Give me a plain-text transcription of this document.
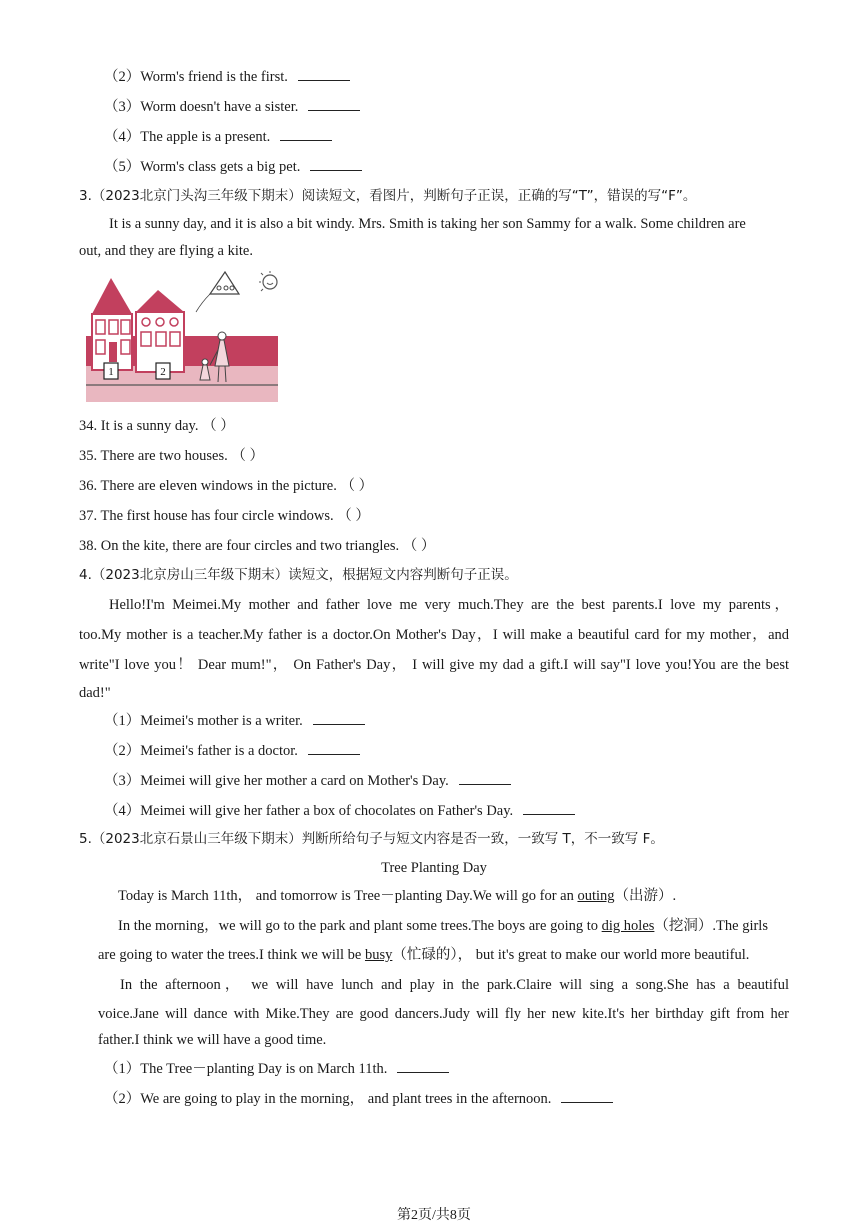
（2）Worm's friend is the first.
（3）Worm doesn't have a sister.
（4）The apple is a present.
（5）Worm's class gets a big pet.
3.（2023北京门头沟三年级下期末）阅读短文，看图片，判断句子正误，正确的写“T”，错误的写“F”。

It is a sunny day, and it is also a bit windy. Mrs. Smith is taking her son Sammy for a walk. Some children are

out, and they are flying a kite.
1	2
34. It is a sunny day. （ ）
35. There are two houses. （ ）
36. There are eleven windows in the picture. （ ）
37. The first house has four circle windows. （ ）
38. On the kite, there are four circles and two triangles. （ ）
4.（2023北京房山三年级下期末）读短文，根据短文内容判断句子正误。
Hello!I'm Meimei.My mother and father love me very much.They are the best parents.I love my parents，
too.My mother is a teacher.My father is a doctor.On Mother's Day，I will make a beautiful card for my mother，and
write"I love you！ Dear mum!"， On Father's Day， I will give my dad a gift.I will say"I love you!You are the best
dad!"
（1）Meimei's mother is a writer.
（2）Meimei's father is a doctor.
（3）Meimei will give her mother a card on Mother's Day.
（4）Meimei will give her father a box of chocolates on Father's Day.
5.（2023北京石景山三年级下期末）判断所给句子与短文内容是否一致，一致写 T，不一致写 F。
Tree Planting Day
Today is March 11th， and tomorrow is Tree－planting Day.We will go for an outing（出游）.
In the morning，we will go to the park and plant some trees.The boys are going to dig holes（挖洞）.The girls
are going to water the trees.I think we will be busy（忙碌的）， but it's great to make our world more beautiful.
In the afternoon， we will have lunch and play in the park.Claire will sing a song.She has a beautiful
voice.Jane will dance with Mike.They are good dancers.Judy will fly her new kite.It's her birthday gift from her
father.I think we will have a good time.
（1）The Tree－planting Day is on March 11th.
（2）We are going to play in the morning， and plant trees in the afternoon.
第2页/共8页
